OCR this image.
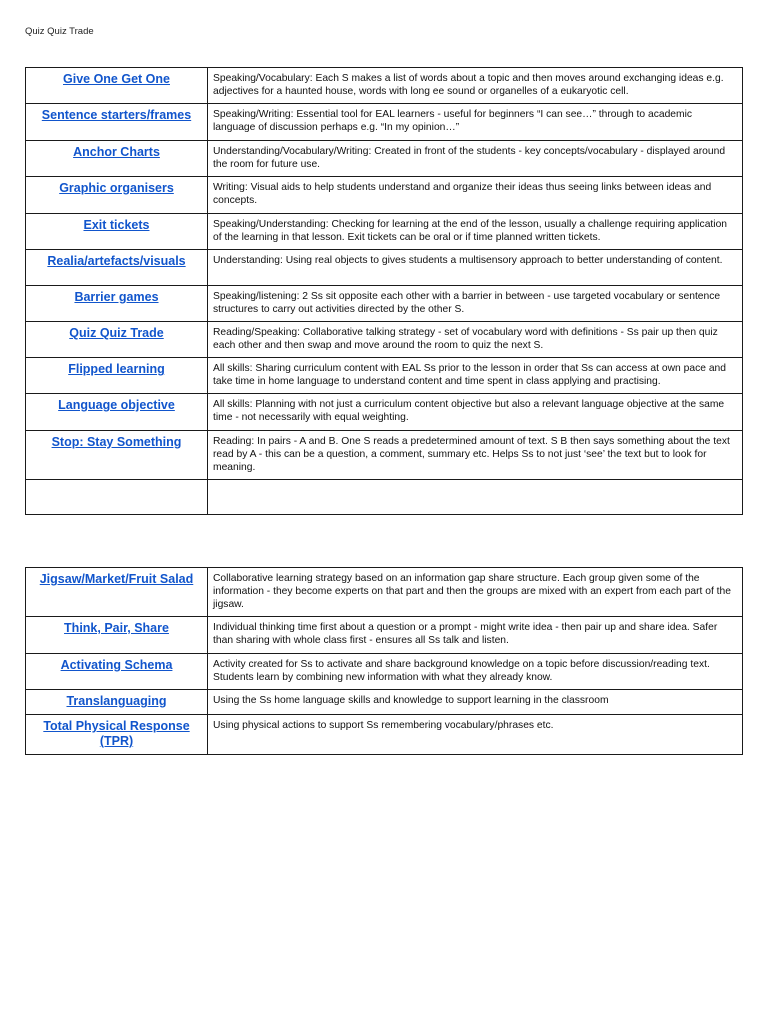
Quiz Quiz Trade
Give One Get One	Speaking/Vocabulary: Each S makes a list of words about a topic and then moves around exchanging ideas e.g. adjectives for a haunted house, words with long ee sound or organelles of a eukaryotic cell.

Sentence starters/frames	Speaking/Writing: Essential tool for EAL learners - useful for beginners “I can see…” through to academic language of discussion perhaps e.g. “In my opinion…”

Anchor Charts	Understanding/Vocabulary/Writing: Created in front of the students - key concepts/vocabulary - displayed around the room for future use.

Graphic organisers	Writing: Visual aids to help students understand and organize their ideas thus seeing links between ideas and concepts.

Exit tickets	Speaking/Understanding: Checking for learning at the end of the lesson, usually a challenge requiring application of the learning in that lesson. Exit tickets can be oral or if time planned written tickets.

Realia/artefacts/visuals	Understanding: Using real objects to gives students a multisensory approach to better understanding of content.

Barrier games	Speaking/listening: 2 Ss sit opposite each other with a barrier in between - use targeted vocabulary or sentence structures to carry out activities directed by the other S.

Quiz Quiz Trade	Reading/Speaking: Collaborative talking strategy - set of vocabulary word with definitions - Ss pair up then quiz each other and then swap and move around the room to quiz the next S.

Flipped learning	All skills: Sharing curriculum content with EAL Ss prior to the lesson in order that Ss can access at own pace and take time in home language to understand content and time spent in class applying and practising.

Language objective	All skills: Planning with not just a curriculum content objective but also a relevant language objective at the same time - not necessarily with equal weighting.

Stop: Stay Something	Reading: In pairs - A and B. One S reads a predetermined amount of text. S B then says something about the text read by A - this can be a question, a comment, summary etc. Helps Ss to not just ‘see’ the text but to look for meaning.

Jigsaw/Market/Fruit Salad	Collaborative learning strategy based on an information gap share structure. Each group given some of the information - they become experts on that part and then the groups are mixed with an expert from each part of the jigsaw.

Think, Pair, Share	Individual thinking time first about a question or a prompt - might write idea - then pair up and share idea. Safer than sharing with whole class first - ensures all Ss talk and listen.

Activating Schema	Activity created for Ss to activate and share background knowledge on a topic before discussion/reading text. Students learn by combining new information with what they already know.

Translanguaging	Using the Ss home language skills and knowledge to support learning in the classroom

Total Physical Response (TPR)	Using physical actions to support Ss remembering vocabulary/phrases etc.
